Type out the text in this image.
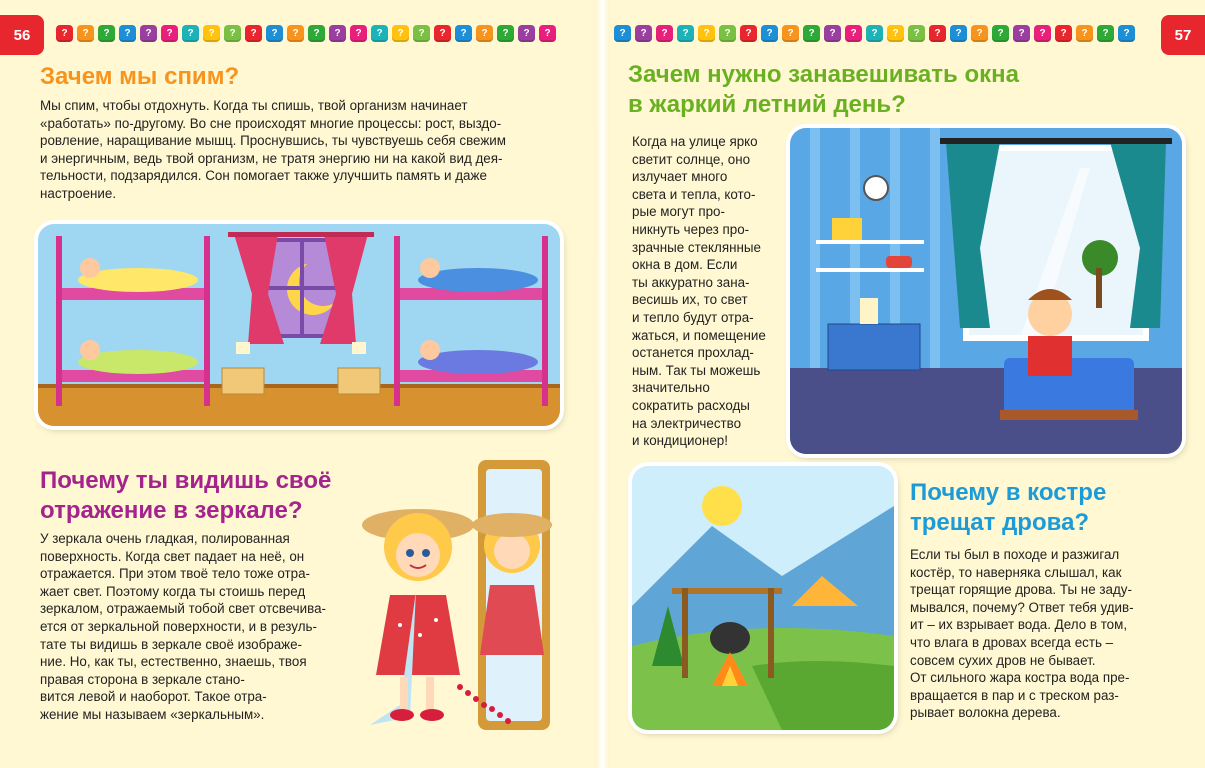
56	?	?	?	?	?	?	?	?	?	?	?	?	?	?	?	?	?	?	?	?	?	?	?	?
Зачем мы спим?
Мы спим, чтобы отдохнуть. Когда ты спишь, твой организм начинает
«работать» по-другому. Во сне происходят многие процессы: рост, выздо-
ровление, наращивание мышц. Проснувшись, ты чувствуешь себя свежим
и энергичным, ведь твой организм, не тратя энергию ни на какой вид дея-
тельности, подзарядился. Сон помогает также улучшить память и даже
настроение.
Почему ты видишь своё
отражение в зеркале?
У зеркала очень гладкая, полированная
поверхность. Когда свет падает на неё, он
отражается. При этом твоё тело тоже отра-
жает свет. Поэтому когда ты стоишь перед
зеркалом, отражаемый тобой свет отсвечива-
ется от зеркальной поверхности, и в резуль-
тате ты видишь в зеркале своё изображе-
ние. Но, как ты, естественно, знаешь, твоя
правая сторона в зеркале стано-
вится левой и наоборот. Такое отра-
жение мы называем «зеркальным».
57
?	?	?	?	?	?	?	?	?	?	?	?	?	?	?	?	?	?	?	?	?	?	?	?	?
Зачем нужно занавешивать окна
в жаркий летний день?
Когда на улице ярко
светит солнце, оно
излучает много
света и тепла, кото-
рые могут про-
никнуть через про-
зрачные стеклянные
окна в дом. Если
ты аккуратно зана-
весишь их, то свет
и тепло будут отра-
жаться, и помещение
останется прохлад-
ным. Так ты можешь
значительно
сократить расходы
на электричество
и кондиционер!
Почему в костре
трещат дрова?
Если ты был в походе и разжигал
костёр, то наверняка слышал, как
трещат горящие дрова. Ты не заду-
мывался, почему? Ответ тебя удив-
ит – их взрывает вода. Дело в том,
что влага в дровах всегда есть –
совсем сухих дров не бывает.
От сильного жара костра вода пре-
вращается в пар и с треском раз-
рывает волокна дерева.
